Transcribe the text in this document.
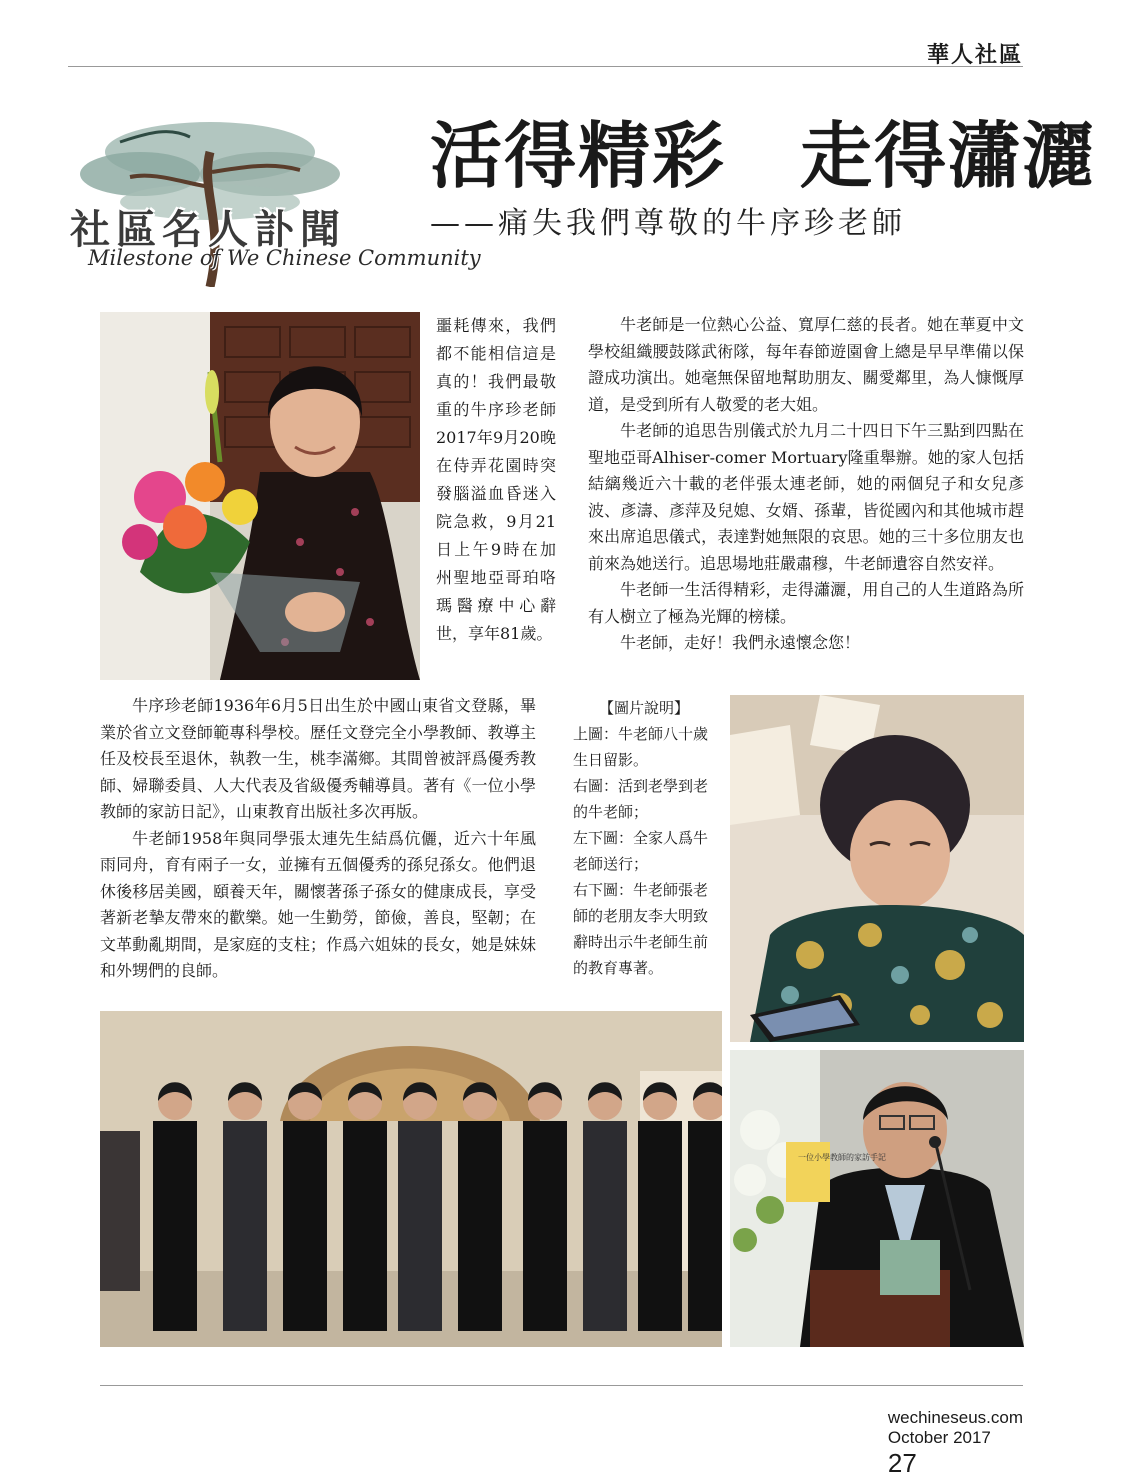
華人社區
社區名人訃聞
Milestone of We Chinese Community
活得精彩　走得瀟灑
——痛失我們尊敬的牛序珍老師
噩耗傳來，我們都不能相信這是真的！我們最敬重的牛序珍老師2017年9月20晚在侍弄花園時突發腦溢血昏迷入院急救，9月21日上午9時在加州聖地亞哥珀咯瑪醫療中心辭世，享年81歲。

牛老師是一位熱心公益、寬厚仁慈的長者。她在華夏中文學校組織腰鼓隊武術隊，每年春節遊園會上總是早早準備以保證成功演出。她毫無保留地幫助朋友、關愛鄰里，為人慷慨厚道，是受到所有人敬愛的老大姐。

牛老師的追思告別儀式於九月二十四日下午三點到四點在聖地亞哥Alhiser-comer Mortuary隆重舉辦。她的家人包括結縭幾近六十載的老伴張太連老師，她的兩個兒子和女兒彥波、彥濤、彥萍及兒媳、女婿、孫輩，皆從國內和其他城市趕來出席追思儀式，表達對她無限的哀思。她的三十多位朋友也前來為她送行。追思場地莊嚴肅穆，牛老師遺容自然安祥。

牛老師一生活得精彩，走得瀟灑，用自己的人生道路為所有人樹立了極為光輝的榜樣。

牛老師，走好！我們永遠懷念您！

牛序珍老師1936年6月5日出生於中國山東省文登縣，畢業於省立文登師範專科學校。歷任文登完全小學教師、教導主任及校長至退休，執教一生，桃李滿鄉。其間曾被評爲優秀教師、婦聯委員、人大代表及省級優秀輔導員。著有《一位小學教師的家訪日記》，山東教育出版社多次再版。

牛老師1958年與同學張太連先生結爲伉儷，近六十年風雨同舟，育有兩子一女，並擁有五個優秀的孫兒孫女。他們退休後移居美國，頤養天年，關懷著孫子孫女的健康成長，享受著新老摯友帶來的歡樂。她一生勤勞，節儉，善良，堅韌；在文革動亂期間，是家庭的支柱；作爲六姐妹的長女，她是妹妹和外甥們的良師。

【圖片說明】
上圖：牛老師八十歲生日留影。
右圖：活到老學到老的牛老師；
左下圖：全家人爲牛老師送行；
右下圖：牛老師張老師的老朋友李大明致辭時出示牛老師生前的教育專著。
一位小學教師的家訪手記

wechineseus.com
October 2017
27
